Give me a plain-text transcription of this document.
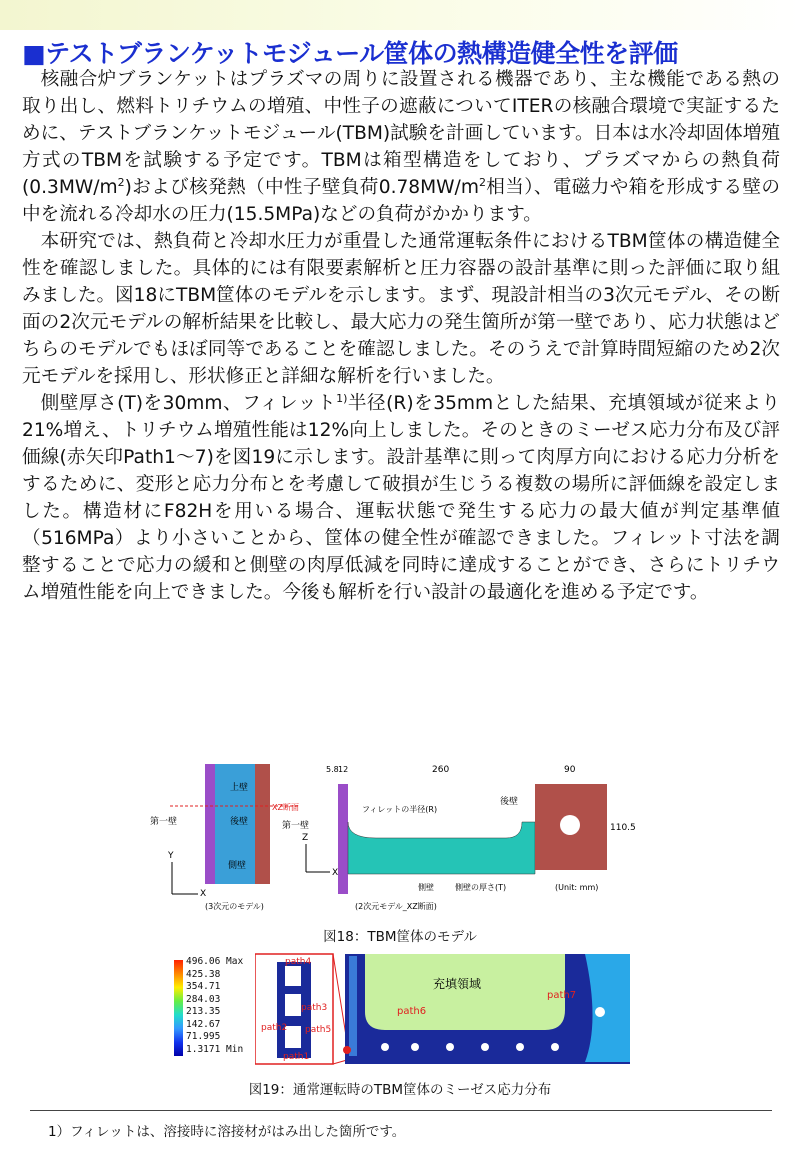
■テストブランケットモジュール筐体の熱構造健全性を評価

核融合炉ブランケットはプラズマの周りに設置される機器であり、主な機能である熱の取り出し、燃料トリチウムの増殖、中性子の遮蔽についてITERの核融合環境で実証するために、テストブランケットモジュール(TBM)試験を計画しています。日本は水冷却固体増殖方式のTBMを試験する予定です。TBMは箱型構造をしており、プラズマからの熱負荷$(0.3MW/m^2)$および核発熱（中性子壁負荷$0.78MW/m^2$相当）、電磁力や箱を形成する壁の中を流れる冷却水の圧力(15.5MPa)などの負荷がかかります。

本研究では、熱負荷と冷却水圧力が重畳した通常運転条件におけるTBM筐体の構造健全性を確認しました。具体的には有限要素解析と圧力容器の設計基準に則った評価に取り組みました。図18にTBM筐体のモデルを示します。まず、現設計相当の3次元モデル、その断面の2次元モデルの解析結果を比較し、最大応力の発生箇所が第一壁であり、応力状態はどちらのモデルでもほぼ同等であることを確認しました。そのうえで計算時間短縮のため2次元モデルを採用し、形状修正と詳細な解析を行いました。

側壁厚さ(T)を30mm、フィレット$^{1)}$半径(R)を35mmとした結果、充填領域が従来より21%増え、トリチウム増殖性能は12%向上しました。そのときのミーゼス応力分布及び評価線(赤矢印Path1～7)を図19に示します。設計基準に則って肉厚方向における応力分析をするために、変形と応力分布とを考慮して破損が生じうる複数の場所に評価線を設定しました。構造材にF82Hを用いる場合、運転状態で発生する応力の最大値が判定基準値（516MPa）より小さいことから、筐体の健全性が確認できました。フィレット寸法を調整することで応力の緩和と側壁の肉厚低減を同時に達成することができ、さらにトリチウム増殖性能を向上できました。今後も解析を行い設計の最適化を進める予定です。

上壁
後壁
側壁
第一壁
XZ断面
Y
X
(3次元のモデル)
5.8 12	260	90
110.5
フィレットの半径(R)
後壁
第一壁
側壁	側壁の厚さ(T)	(Unit: mm)
Z
X
(2次元モデル_XZ断面)
図18：TBM筐体のモデル
496.06 Max
425.38
354.71
284.03
213.35
142.67
71.995
1.3171 Min
path4
path3
path2 path5
path1
充填領域
path6
path7
図19：通常運転時のTBM筐体のミーゼス応力分布
1）フィレットは、溶接時に溶接材がはみ出した箇所です。
